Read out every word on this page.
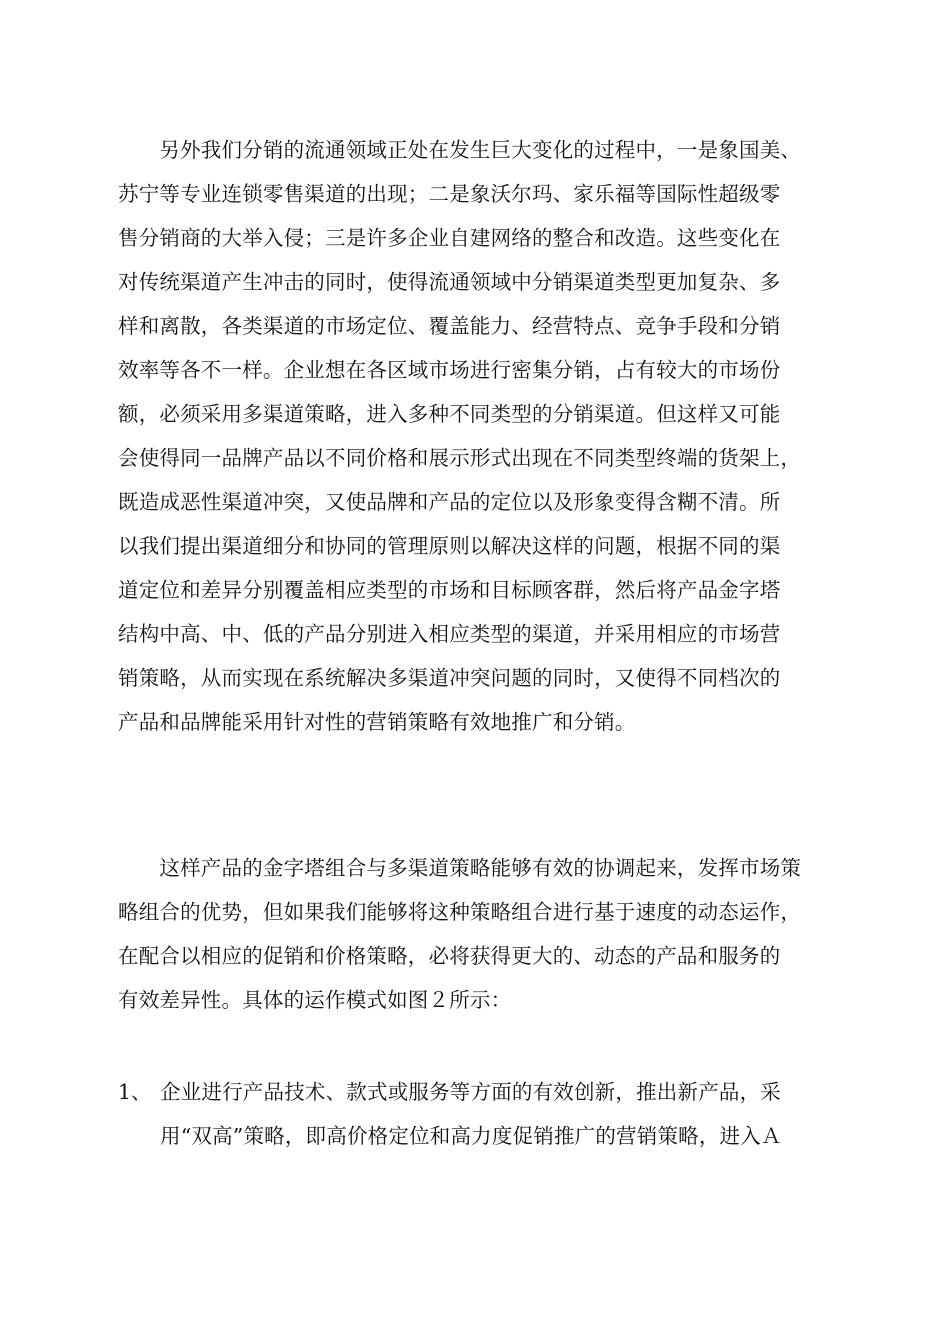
　　另外我们分销的流通领域正处在发生巨大变化的过程中，一是象国美、
苏宁等专业连锁零售渠道的出现；二是象沃尔玛、家乐福等国际性超级零
售分销商的大举入侵；三是许多企业自建网络的整合和改造。这些变化在
对传统渠道产生冲击的同时，使得流通领域中分销渠道类型更加复杂、多
样和离散，各类渠道的市场定位、覆盖能力、经营特点、竞争手段和分销
效率等各不一样。企业想在各区域市场进行密集分销，占有较大的市场份
额，必须采用多渠道策略，进入多种不同类型的分销渠道。但这样又可能
会使得同一品牌产品以不同价格和展示形式出现在不同类型终端的货架上，
既造成恶性渠道冲突，又使品牌和产品的定位以及形象变得含糊不清。所
以我们提出渠道细分和协同的管理原则以解决这样的问题，根据不同的渠
道定位和差异分别覆盖相应类型的市场和目标顾客群，然后将产品金字塔
结构中高、中、低的产品分别进入相应类型的渠道，并采用相应的市场营
销策略，从而实现在系统解决多渠道冲突问题的同时，又使得不同档次的
产品和品牌能采用针对性的营销策略有效地推广和分销。
　　这样产品的金字塔组合与多渠道策略能够有效的协调起来，发挥市场策
略组合的优势，但如果我们能够将这种策略组合进行基于速度的动态运作，
在配合以相应的促销和价格策略，必将获得更大的、动态的产品和服务的
有效差异性。具体的运作模式如图２所示：
1、 企业进行产品技术、款式或服务等方面的有效创新，推出新产品，采
用“双高”策略，即高价格定位和高力度促销推广的营销策略，进入Ａ
